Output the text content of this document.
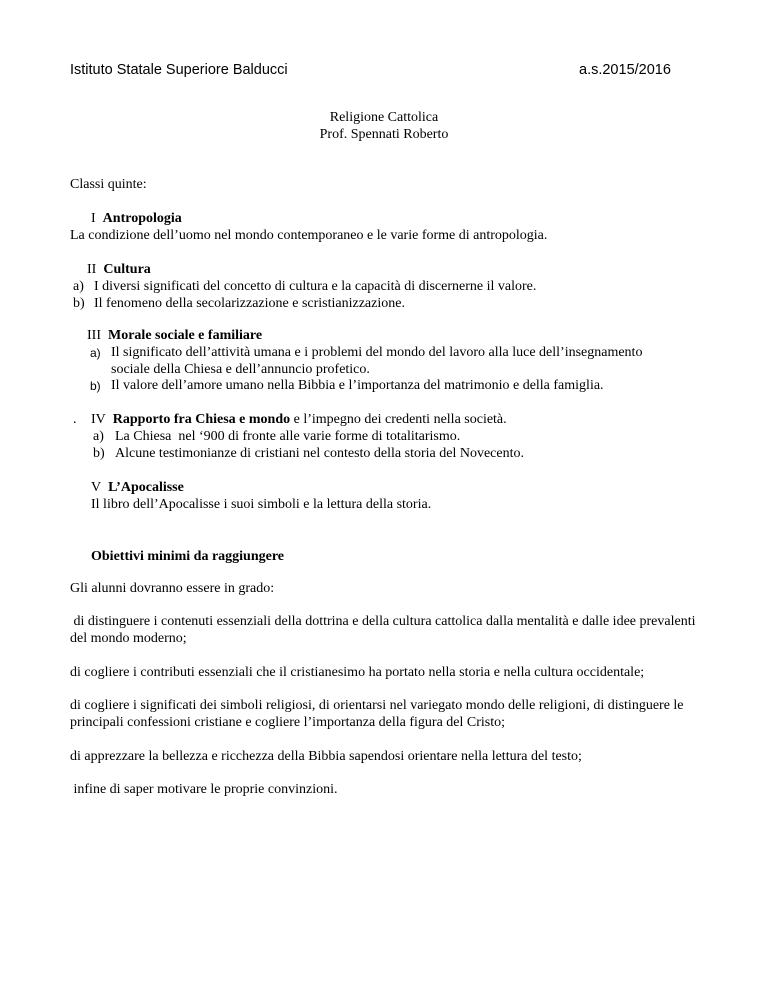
Istituto Statale Superiore Balducci	a.s.2015/2016
Religione Cattolica
Prof. Spennati Roberto
Classi quinte:
I Antropologia
La condizione dell’uomo nel mondo contemporaneo e le varie forme di antropologia.
II Cultura
a) I diversi significati del concetto di cultura e la capacità di discernerne il valore.
b) Il fenomeno della secolarizzazione e scristianizzazione.
III Morale sociale e familiare
a) Il significato dell’attività umana e i problemi del mondo del lavoro alla luce dell’insegnamento
sociale della Chiesa e dell’annuncio profetico.
b) Il valore dell’amore umano nella Bibbia e l’importanza del matrimonio e della famiglia.
. IV Rapporto fra Chiesa e mondo e l’impegno dei credenti nella società.
a) La Chiesa  nel ‘900 di fronte alle varie forme di totalitarismo.
b) Alcune testimonianze di cristiani nel contesto della storia del Novecento.
V L’Apocalisse
Il libro dell’Apocalisse i suoi simboli e la lettura della storia.
Obiettivi minimi da raggiungere
Gli alunni dovranno essere in grado:
di distinguere i contenuti essenziali della dottrina e della cultura cattolica dalla mentalità e dalle idee prevalenti del mondo moderno;
di cogliere i contributi essenziali che il cristianesimo ha portato nella storia e nella cultura occidentale;
di cogliere i significati dei simboli religiosi, di orientarsi nel variegato mondo delle religioni, di distinguere le principali confessioni cristiane e cogliere l’importanza della figura del Cristo;
di apprezzare la bellezza e ricchezza della Bibbia sapendosi orientare nella lettura del testo;
infine di saper motivare le proprie convinzioni.
